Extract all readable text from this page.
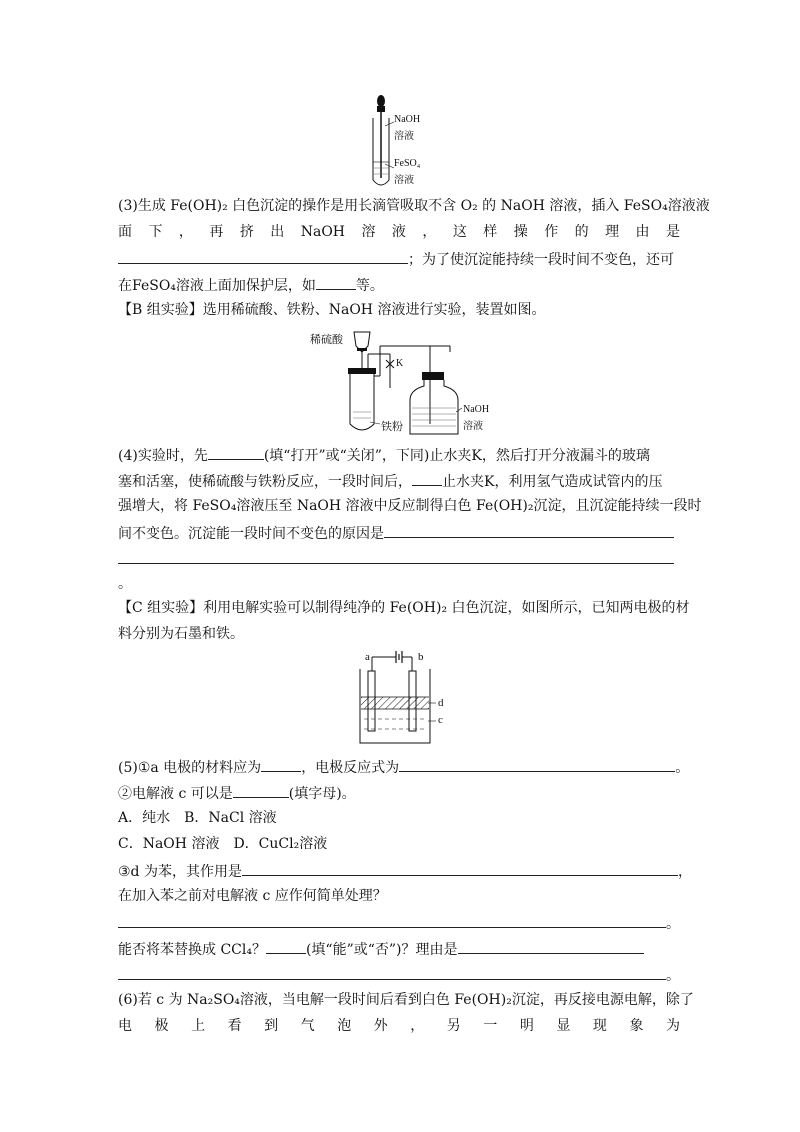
NaOH
溶液
FeSO₄
溶液
(3)生成 Fe(OH)₂ 白色沉淀的操作是用长滴管吸取不含 O₂ 的 NaOH 溶液，插入 FeSO₄溶液液
面 下 ， 再 挤 出 NaOH 溶 液 ， 这 样 操 作 的 理 由 是
；为了使沉淀能持续一段时间不变色，还可
在FeSO₄溶液上面加保护层，如	等。
【B 组实验】选用稀硫酸、铁粉、NaOH 溶液进行实验，装置如图。
稀硫酸
K
铁粉
NaOH
溶液
(4)实验时，先	(填“打开”或“关闭”，下同)止水夹K，然后打开分液漏斗的玻璃
塞和活塞，使稀硫酸与铁粉反应，一段时间后， 止水夹K，利用氢气造成试管内的压
强增大，将 FeSO₄溶液压至 NaOH 溶液中反应制得白色 Fe(OH)₂沉淀，且沉淀能持续一段时
间不变色。沉淀能一段时间不变色的原因是
。
【C 组实验】利用电解实验可以制得纯净的 Fe(OH)₂ 白色沉淀，如图所示，已知两电极的材
料分别为石墨和铁。
a	b
d
c
(5)①a 电极的材料应为	，电极反应式为	。
②电解液 c 可以是	(填字母)。
A．纯水　B．NaCl 溶液
C．NaOH 溶液　D．CuCl₂溶液
③d 为苯，其作用是	，
在加入苯之前对电解液 c 应作何简单处理？
。
能否将苯替换成 CCl₄？	(填“能”或“否”)？理由是
。
(6)若 c 为 Na₂SO₄溶液，当电解一段时间后看到白色 Fe(OH)₂沉淀，再反接电源电解，除了
电 极 上 看 到 气 泡 外 ， 另 一 明 显 现 象 为
